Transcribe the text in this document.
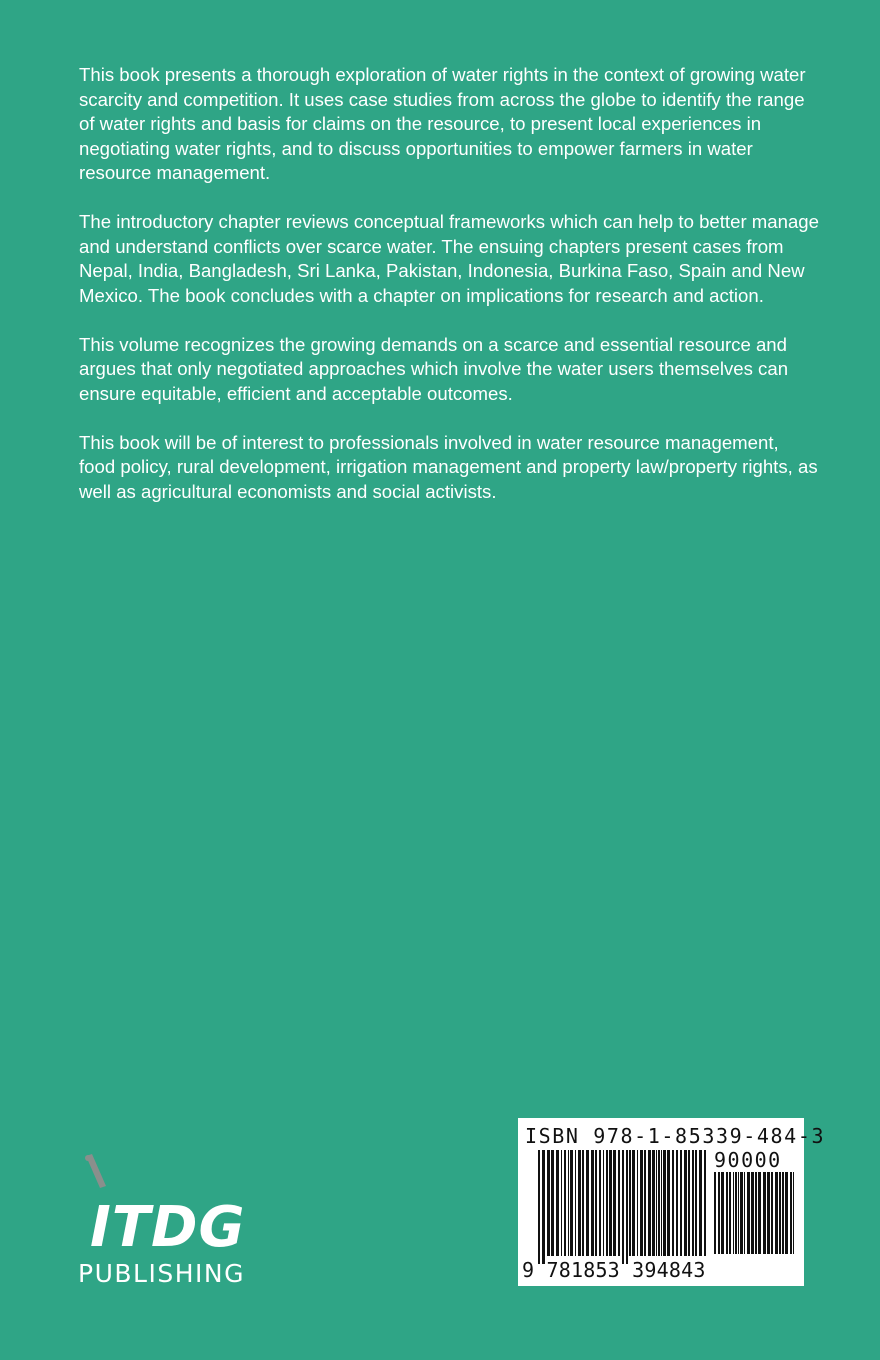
This book presents a thorough exploration of water rights in the context of growing water scarcity and competition. It uses case studies from across the globe to identify the range of water rights and basis for claims on the resource, to present local experiences in negotiating water rights, and to discuss opportunities to empower farmers in water resource management.

The introductory chapter reviews conceptual frameworks which can help to better manage and understand conflicts over scarce water. The ensuing chapters present cases from Nepal, India, Bangladesh, Sri Lanka, Pakistan, Indonesia, Burkina Faso, Spain and New Mexico. The book concludes with a chapter on implications for research and action.

This volume recognizes the growing demands on a scarce and essential resource and argues that only negotiated approaches which involve the water users themselves can ensure equitable, efficient and acceptable outcomes.

This book will be of interest to professionals involved in water resource management, food policy, rural development, irrigation management and property law/property rights, as well as agricultural economists and social activists.

ITDG
PUBLISHING
ISBN 978-1-85339-484-3
90000
9 781853 394843
